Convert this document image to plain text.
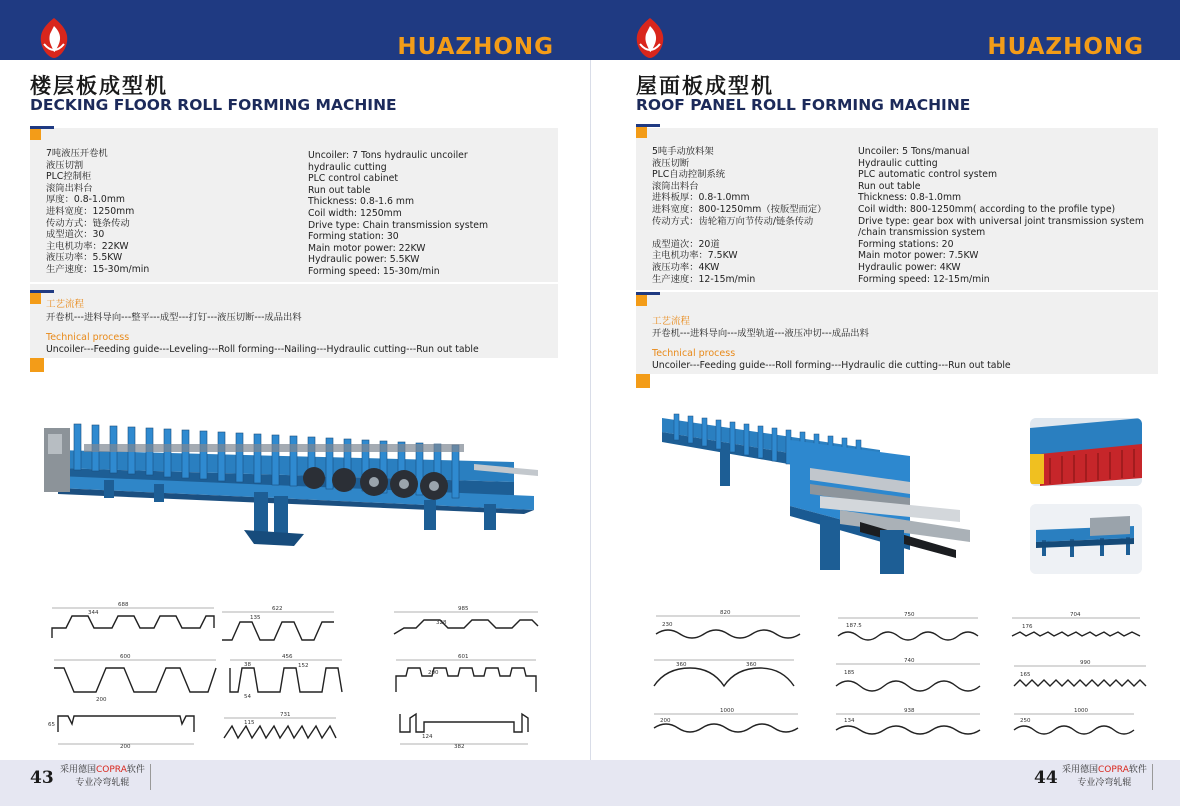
HUAZHONG
楼层板成型机
DECKING FLOOR ROLL FORMING MACHINE
7吨液压开卷机
液压切割
PLC控制柜
滚筒出料台
厚度：0.8-1.0mm
进料宽度：1250mm
传动方式：链条传动
成型道次：30
主电机功率：22KW
液压功率：5.5KW
生产速度：15-30m/min
Uncoiler: 7 Tons hydraulic uncoiler
hydraulic cutting
PLC control cabinet
Run out table
Thickness: 0.8-1.6 mm
Coil width: 1250mm
Drive type: Chain transmission system
Forming station: 30
Main motor power: 22KW
Hydraulic power: 5.5KW
Forming speed: 15-30m/min
工艺流程
开卷机---进料导向---整平---成型---打钉---液压切断---成品出料
Technical process
Uncoiler---Feeding guide---Leveling---Roll forming---Nailing---Hydraulic cutting---Run out table
688
344
622
135
985
328
600
200
456
152
38
54
601
200
200
65
731
115
382
124
43 采用德国COPRA软件
专业冷弯轧辊
HUAZHONG
屋面板成型机
ROOF PANEL ROLL FORMING MACHINE
5吨手动放料架
液压切断
PLC自动控制系统
滚筒出料台
进料板厚：0.8-1.0mm
进料宽度：800-1250mm（按版型而定）
传动方式：齿轮箱万向节传动/链条传动

成型道次：20道
主电机功率：7.5KW
液压功率：4KW
生产速度：12-15m/min
Uncoiler: 5 Tons/manual
Hydraulic cutting
PLC automatic control system
Run out table
Thickness: 0.8-1.0mm
Coil width: 800-1250mm( according to the profile type)
Drive type: gear box with universal joint transmission system
/chain transmission system
Forming stations: 20
Main motor power: 7.5KW
Hydraulic power: 4KW
Forming speed: 12-15m/min
工艺流程
开卷机---进料导向---成型轨道---液压冲切---成品出料
Technical process
Uncoiler---Feeding guide---Roll forming---Hydraulic die cutting---Run out table
820
230
750
187.5
704
176
360	360
740
185
990
165
1000
200
938
134
1000
250
44 采用德国COPRA软件
专业冷弯轧辊
